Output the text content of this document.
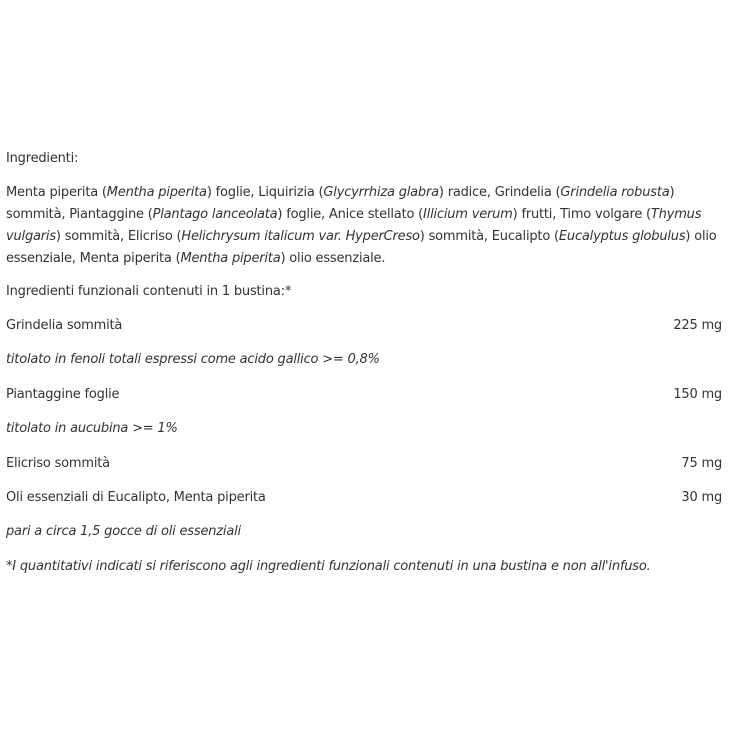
Ingredienti:
Menta piperita (Mentha piperita) foglie, Liquirizia (Glycyrrhiza glabra) radice, Grindelia (Grindelia robusta) sommità, Piantaggine (Plantago lanceolata) foglie, Anice stellato (Illicium verum) frutti, Timo volgare (Thymus vulgaris) sommità, Elicriso (Helichrysum italicum var. HyperCreso) sommità, Eucalipto (Eucalyptus globulus) olio essenziale, Menta piperita (Mentha piperita) olio essenziale.
Ingredienti funzionali contenuti in 1 bustina:*
Grindelia sommità	225 mg
titolato in fenoli totali espressi come acido gallico >= 0,8%
Piantaggine foglie	150 mg
titolato in aucubina >= 1%
Elicriso sommità	75 mg
Oli essenziali di Eucalipto, Menta piperita	30 mg
pari a circa 1,5 gocce di oli essenziali
*I quantitativi indicati si riferiscono agli ingredienti funzionali contenuti in una bustina e non all'infuso.
